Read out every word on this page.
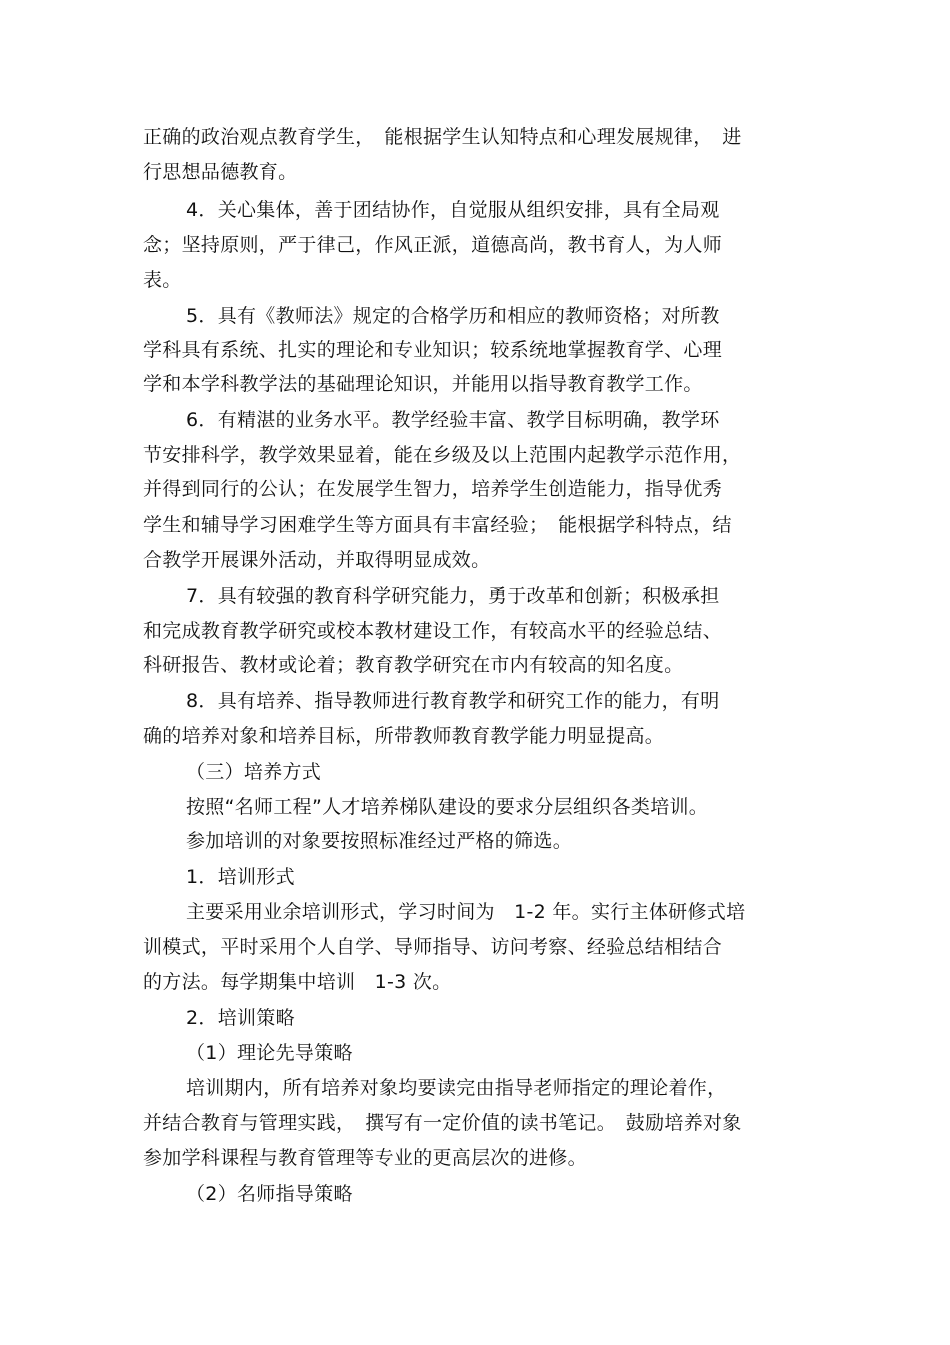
正确的政治观点教育学生，　能根据学生认知特点和心理发展规律，　进
行思想品德教育。
4．关心集体，善于团结协作，自觉服从组织安排，具有全局观
念；坚持原则，严于律己，作风正派，道德高尚，教书育人，为人师
表。
5．具有《教师法》规定的合格学历和相应的教师资格；对所教
学科具有系统、扎实的理论和专业知识；较系统地掌握教育学、心理
学和本学科教学法的基础理论知识，并能用以指导教育教学工作。
6．有精湛的业务水平。教学经验丰富、教学目标明确，教学环
节安排科学，教学效果显着，能在乡级及以上范围内起教学示范作用，
并得到同行的公认；在发展学生智力，培养学生创造能力，指导优秀
学生和辅导学习困难学生等方面具有丰富经验；　能根据学科特点，结
合教学开展课外活动，并取得明显成效。
7．具有较强的教育科学研究能力，勇于改革和创新；积极承担
和完成教育教学研究或校本教材建设工作，有较高水平的经验总结、
科研报告、教材或论着；教育教学研究在市内有较高的知名度。
8．具有培养、指导教师进行教育教学和研究工作的能力，有明
确的培养对象和培养目标，所带教师教育教学能力明显提高。
（三）培养方式
按照“名师工程”人才培养梯队建设的要求分层组织各类培训。
参加培训的对象要按照标准经过严格的筛选。
1．培训形式
主要采用业余培训形式，学习时间为　1-2 年。实行主体研修式培
训模式，平时采用个人自学、导师指导、访问考察、经验总结相结合
的方法。每学期集中培训　1-3 次。
2．培训策略
（1）理论先导策略
培训期内，所有培养对象均要读完由指导老师指定的理论着作，
并结合教育与管理实践，　撰写有一定价值的读书笔记。　鼓励培养对象
参加学科课程与教育管理等专业的更高层次的进修。
（2）名师指导策略
